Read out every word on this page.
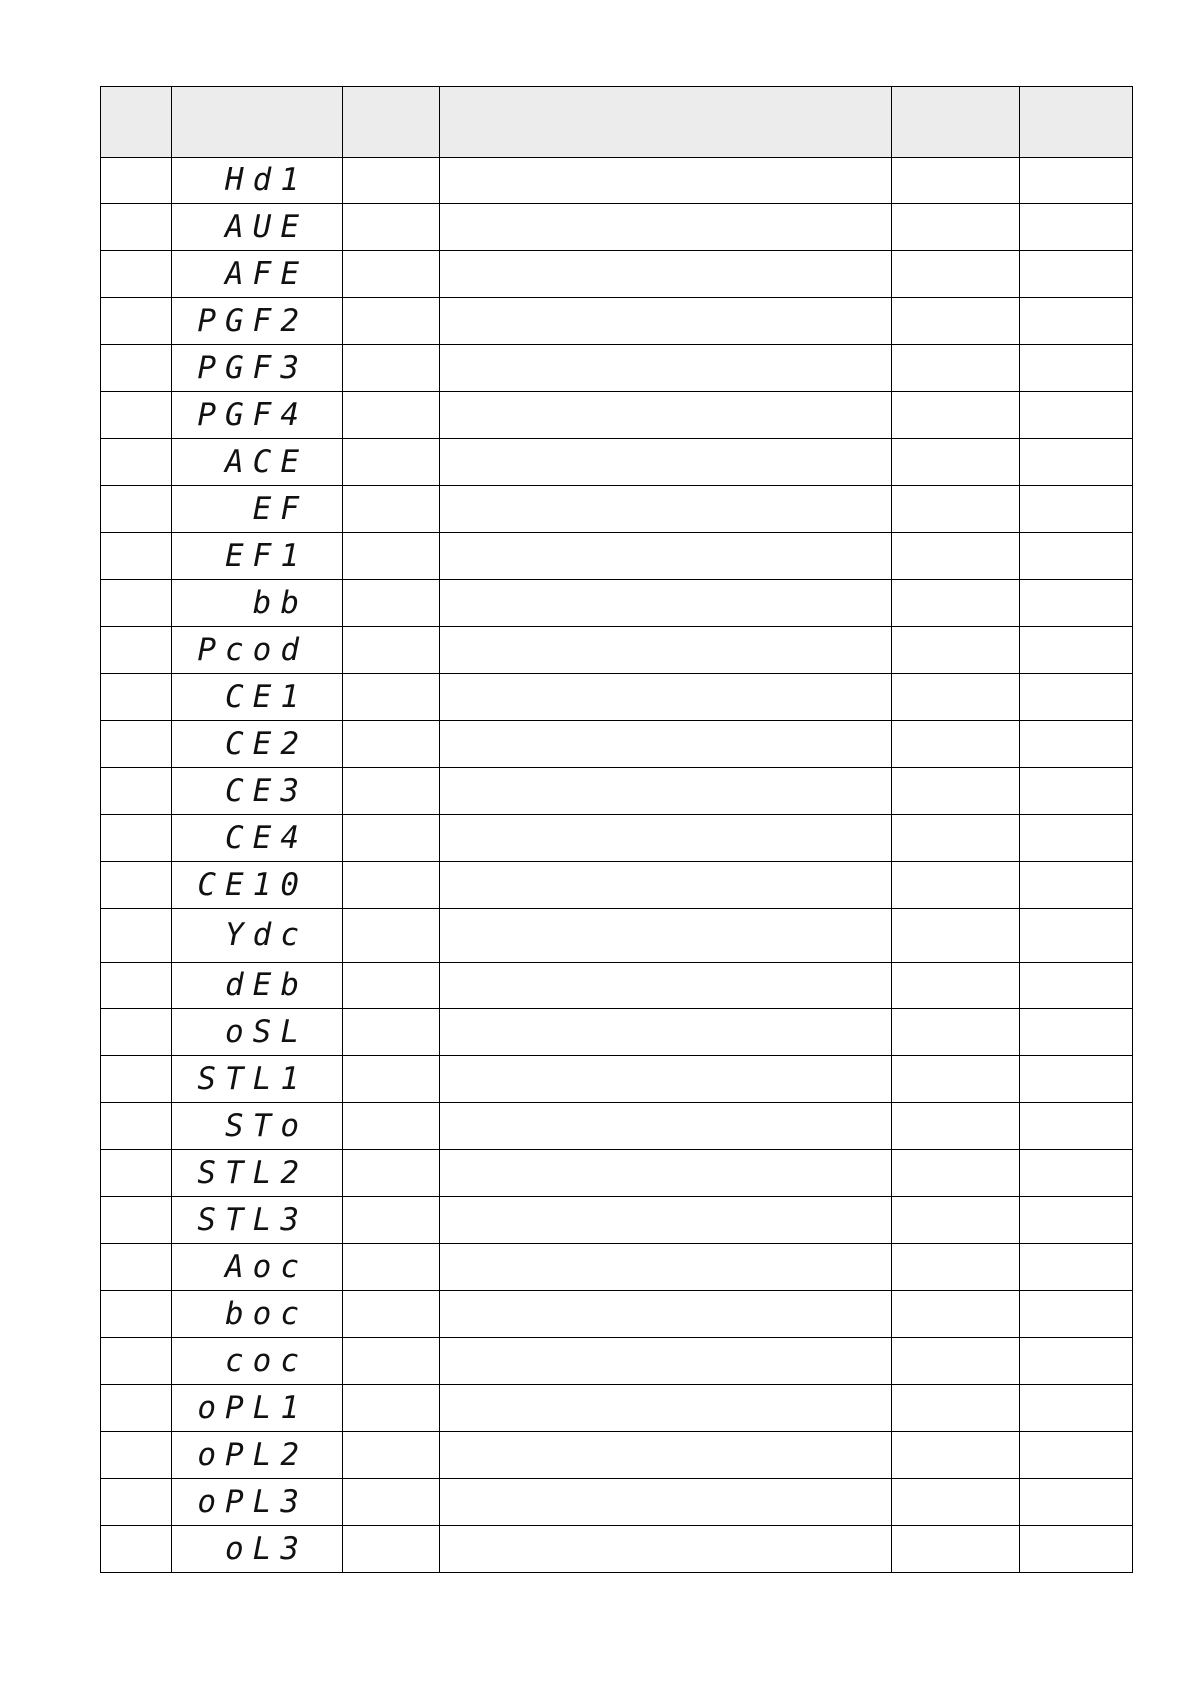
	Hd1				
	AUE				
	AFE				
	PGF2				
	PGF3				
	PGF4				
	ACE				
	EF				
	EF1				
	bb				
	Pcod				
	CE1				
	CE2				
	CE3				
	CE4				
	CE10				
	Ydc				
	dEb				
	oSL				
	STL1				
	STo				
	STL2				
	STL3				
	Aoc				
	boc				
	coc				
	oPL1				
	oPL2				
	oPL3				
	oL3				
